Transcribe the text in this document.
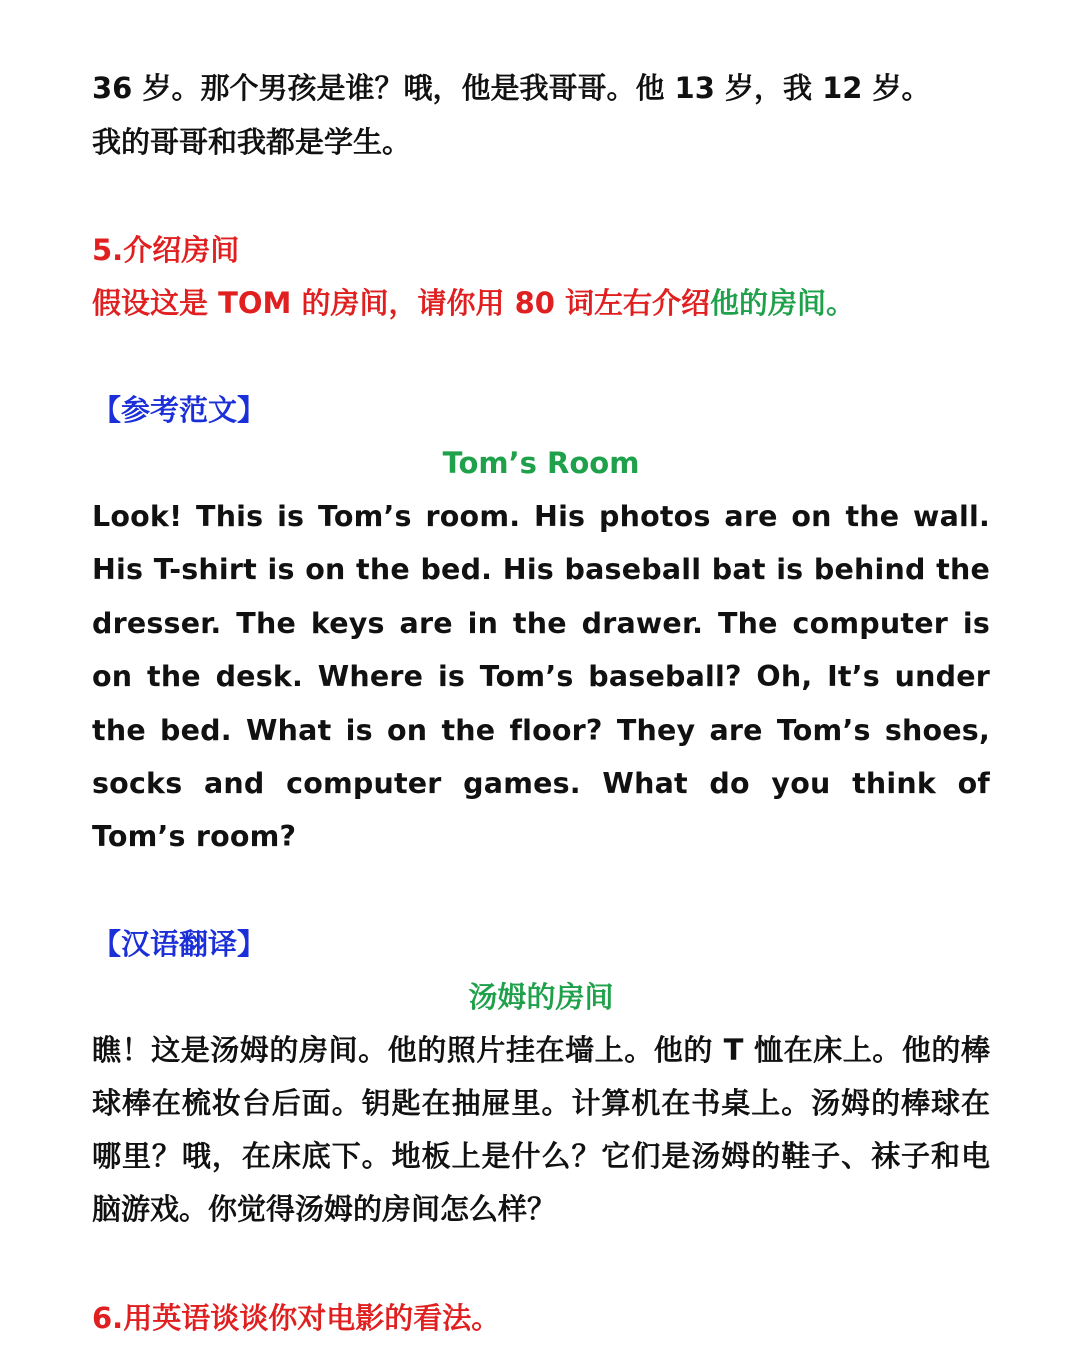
36 岁。那个男孩是谁？哦，他是我哥哥。他 13 岁，我 12 岁。
我的哥哥和我都是学生。
5.介绍房间
假设这是 TOM 的房间，请你用 80 词左右介绍他的房间。
【参考范文】
Tom’s Room
Look! This is Tom’s room. His photos are on the wall. His T-shirt is on the bed. His baseball bat is behind the dresser. The keys are in the drawer. The computer is on the desk. Where is Tom’s baseball? Oh, It’s under the bed. What is on the floor? They are Tom’s shoes, socks and computer games. What do you think of Tom’s room?
【汉语翻译】
汤姆的房间
瞧！这是汤姆的房间。他的照片挂在墙上。他的 T 恤在床上。他的棒球棒在梳妆台后面。钥匙在抽屉里。计算机在书桌上。汤姆的棒球在哪里？哦，在床底下。地板上是什么？它们是汤姆的鞋子、袜子和电脑游戏。你觉得汤姆的房间怎么样？
6.用英语谈谈你对电影的看法。
